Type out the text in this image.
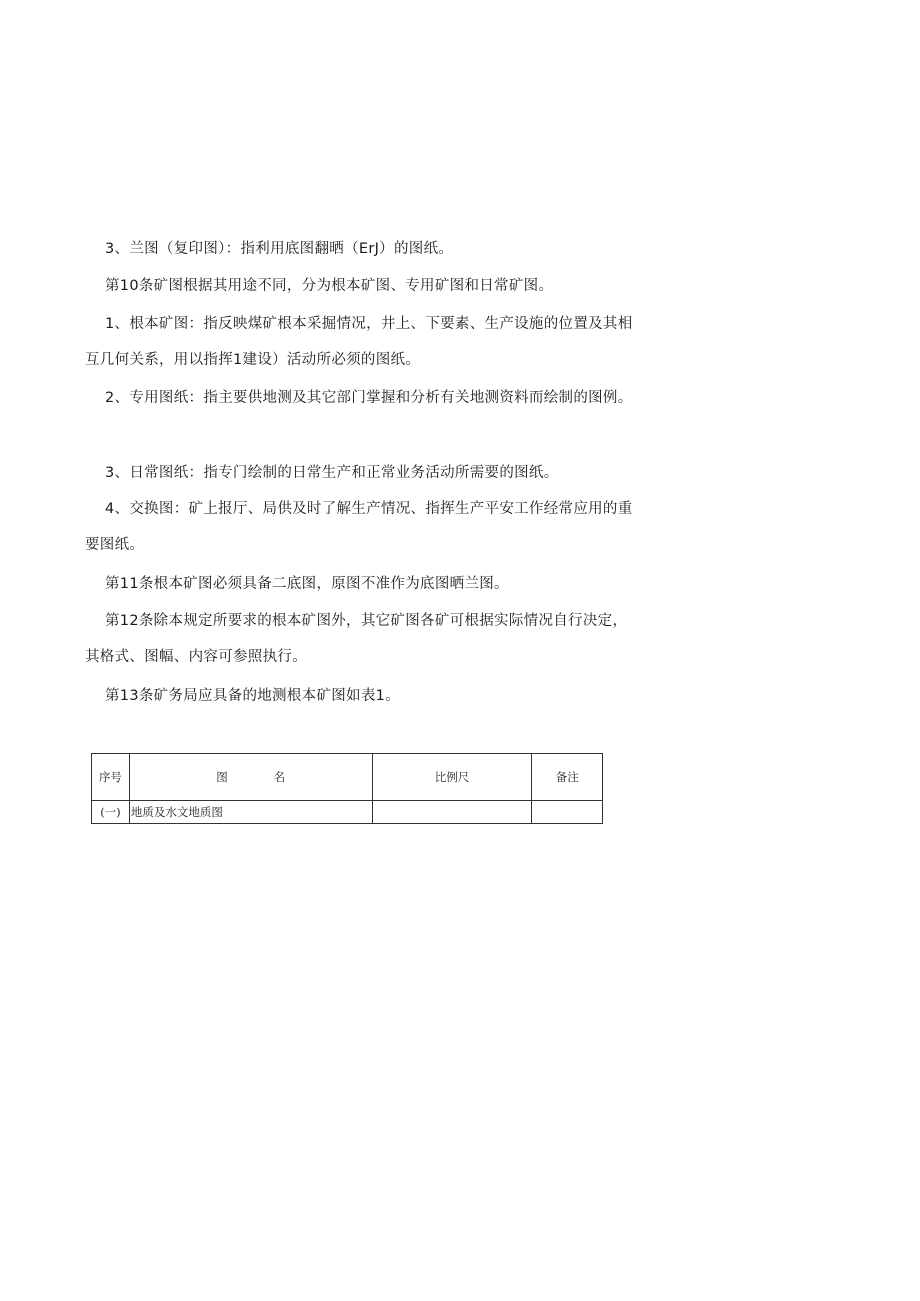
3、兰图（复印图）：指利用底图翻晒（ErJ）的图纸。

第10条矿图根据其用途不同，分为根本矿图、专用矿图和日常矿图。

1、根本矿图：指反映煤矿根本采掘情况，井上、下要素、生产设施的位置及其相互几何关系，用以指挥1建设）活动所必须的图纸。

2、专用图纸：指主要供地测及其它部门掌握和分析有关地测资料而绘制的图例。

3、日常图纸：指专门绘制的日常生产和正常业务活动所需要的图纸。

4、交换图：矿上报厅、局供及时了解生产情况、指挥生产平安工作经常应用的重要图纸。

第11条根本矿图必须具备二底图，原图不准作为底图晒兰图。

第12条除本规定所要求的根本矿图外，其它矿图各矿可根据实际情况自行决定，其格式、图幅、内容可参照执行。

第13条矿务局应具备的地测根本矿图如表1。

序号	图　　　　名	比例尺	备注
(一)	地质及水文地质图		
